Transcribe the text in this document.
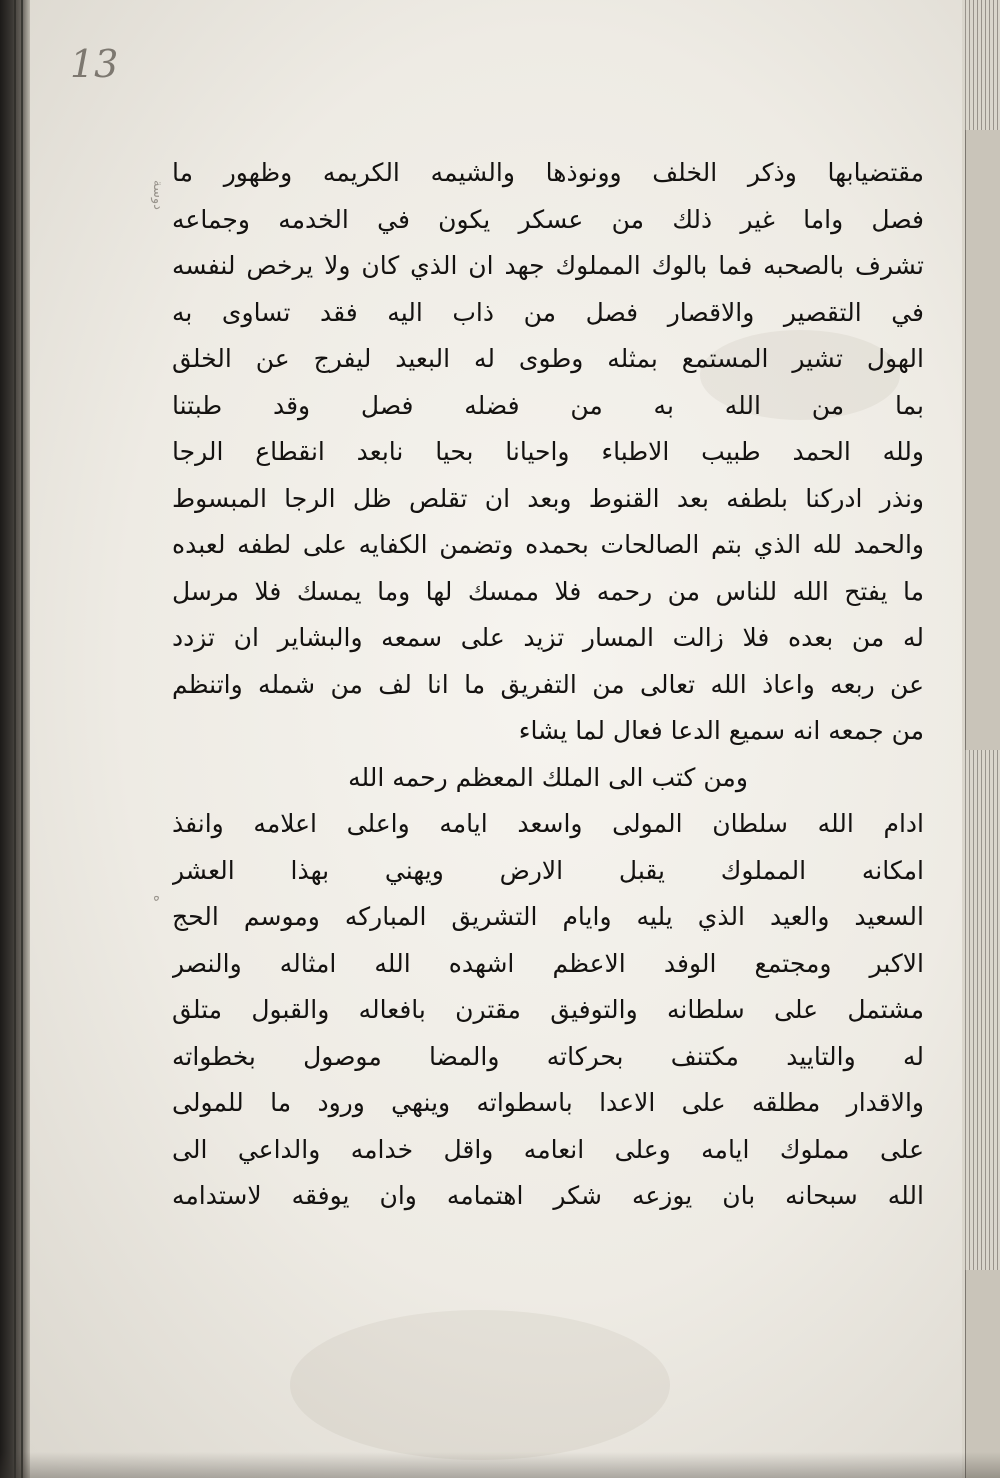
13
دوسة
ه
مقتضيابها وذكر الخلف وونوذها والشيمه الكريمه وظهور ما
فصل واما غير ذلك من عسكر يكون في الخدمه وجماعه
تشرف بالصحبه فما بالوك المملوك جهد ان الذي كان ولا يرخص لنفسه
في التقصير والاقصار فصل من ذاب اليه فقد تساوى به
الهول تشير المستمع بمثله وطوى له البعيد ليفرج عن الخلق
بما من الله به من فضله فصل وقد طبتنا
ولله الحمد طبيب الاطباء واحيانا بحيا نابعد انقطاع الرجا
ونذر ادركنا بلطفه بعد القنوط وبعد ان تقلص ظل الرجا المبسوط
والحمد لله الذي بتم الصالحات بحمده وتضمن الكفايه على لطفه لعبده
ما يفتح الله للناس من رحمه فلا ممسك لها وما يمسك فلا مرسل
له من بعده فلا زالت المسار تزيد على سمعه والبشاير ان تزدد
عن ربعه واعاذ الله تعالى من التفريق ما انا لف من شمله واتنظم
من جمعه انه سميع الدعا فعال لما يشاء
ومن كتب الى الملك المعظم رحمه الله
ادام الله سلطان المولى واسعد ايامه واعلى اعلامه وانفذ
امكانه المملوك يقبل الارض ويهني بهذا العشر
السعيد والعيد الذي يليه وايام التشريق المباركه وموسم الحج
الاكبر ومجتمع الوفد الاعظم اشهده الله امثاله والنصر
مشتمل على سلطانه والتوفيق مقترن بافعاله والقبول متلق
له والتاييد مكتنف بحركاته والمضا موصول بخطواته
والاقدار مطلقه على الاعدا باسطواته وينهي ورود ما للمولى
على مملوك ايامه وعلى انعامه واقل خدامه والداعي الى
الله سبحانه بان يوزعه شكر اهتمامه وان يوفقه لاستدامه
